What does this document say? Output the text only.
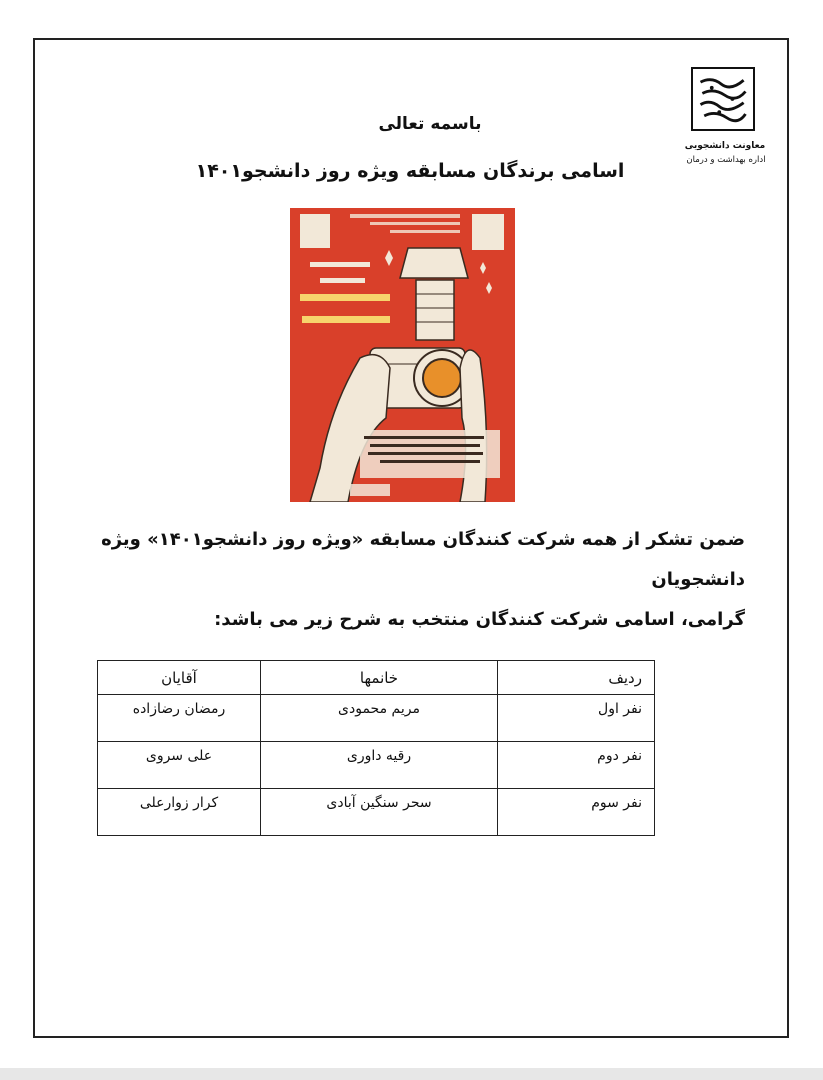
معاونت دانشجویی
اداره بهداشت و درمان
باسمه تعالی
اسامی برندگان مسابقه ویژه روز دانشجو۱۴۰۱
ضمن تشکر از همه شرکت کنندگان مسابقه «ویژه روز دانشجو۱۴۰۱» ویژه دانشجویان
گرامی، اسامی شرکت کنندگان منتخب به شرح زیر می باشد:
ردیف	خانمها	آقایان
نفر اول	مریم محمودی	رمضان رضازاده
نفر دوم	رقیه داوری	علی سروی
نفر سوم	سحر سنگین آبادی	کرار زوارعلی
